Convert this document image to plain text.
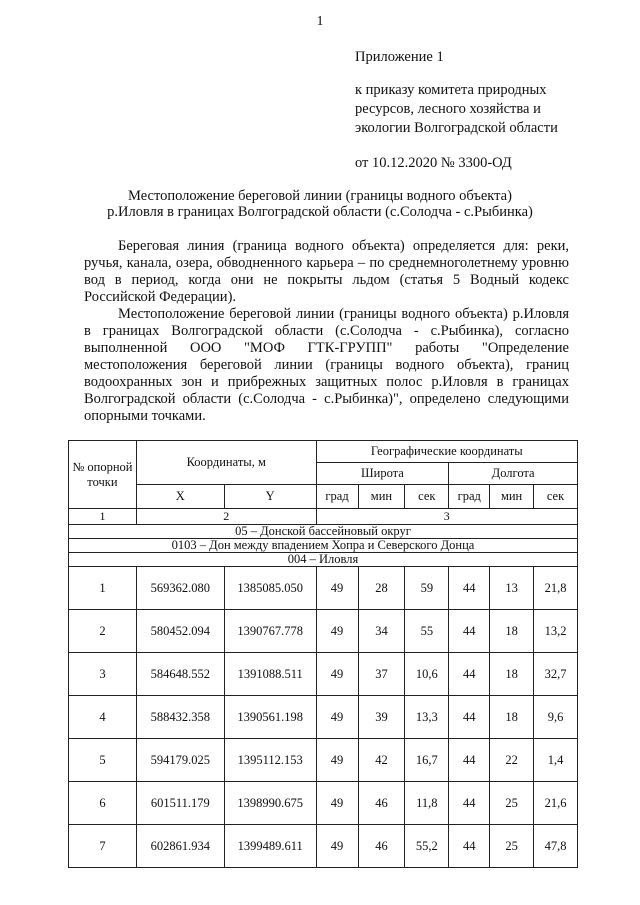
1
Приложение 1
к приказу комитета природных
ресурсов, лесного хозяйства и
экологии Волгоградской области
от 10.12.2020 № 3300-ОД
Местоположение береговой линии (границы водного объекта)
р.Иловля в границах Волгоградской области (с.Солодча - с.Рыбинка)
Береговая линия (граница водного объекта) определяется для: реки, ручья, канала, озера, обводненного карьера – по среднемноголетнему уровню вод в период, когда они не покрыты льдом (статья 5 Водный кодекс Российской Федерации).
Местоположение береговой линии (границы водного объекта) р.Иловля в границах Волгоградской области (с.Солодча - с.Рыбинка), согласно выполненной ООО "МОФ ГТК-ГРУПП" работы "Определение местоположения береговой линии (границы водного объекта), границ водоохранных зон и прибрежных защитных полос р.Иловля в границах Волгоградской области (с.Солодча - с.Рыбинка)", определено следующими опорными точками.
№ опорной точки	Координаты, м		Географические координаты					
			Широта			Долгота		
	X	Y	град	мин	сек	град	мин	сек
1	2		3					
05 – Донской бассейновый округ								
0103 – Дон между впадением Хопра и Северского Донца								
004 – Иловля								
1	569362.080	1385085.050	49	28	59	44	13	21,8
2	580452.094	1390767.778	49	34	55	44	18	13,2
3	584648.552	1391088.511	49	37	10,6	44	18	32,7
4	588432.358	1390561.198	49	39	13,3	44	18	9,6
5	594179.025	1395112.153	49	42	16,7	44	22	1,4
6	601511.179	1398990.675	49	46	11,8	44	25	21,6
7	602861.934	1399489.611	49	46	55,2	44	25	47,8
